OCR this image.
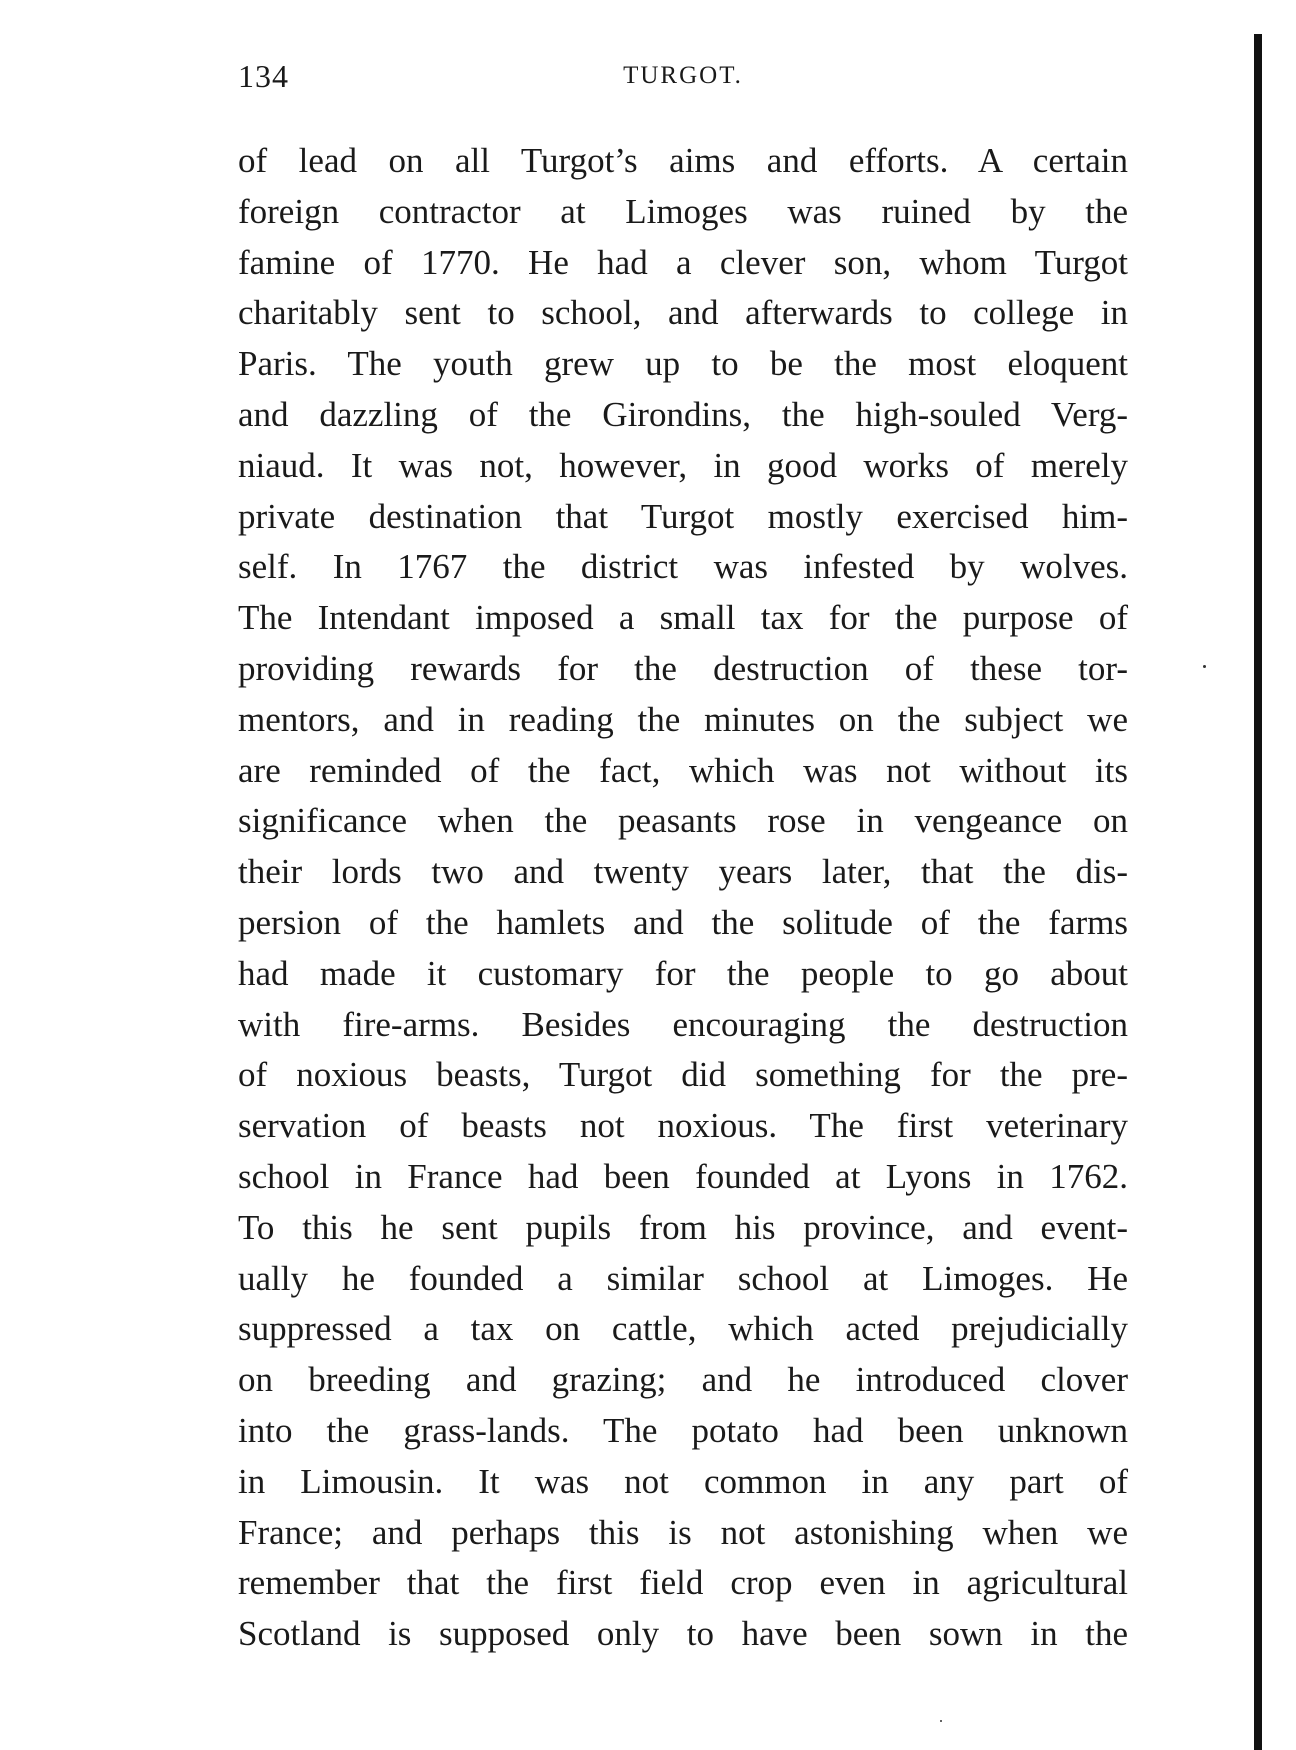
134	TURGOT.
of lead on all Turgot’s aims and efforts. A certain
foreign contractor at Limoges was ruined by the
famine of 1770. He had a clever son, whom Turgot
charitably sent to school, and afterwards to college in
Paris. The youth grew up to be the most eloquent
and dazzling of the Girondins, the high-souled Verg-
niaud. It was not, however, in good works of merely
private destination that Turgot mostly exercised him-
self. In 1767 the district was infested by wolves.
The Intendant imposed a small tax for the purpose of
providing rewards for the destruction of these tor-
mentors, and in reading the minutes on the subject we
are reminded of the fact, which was not without its
significance when the peasants rose in vengeance on
their lords two and twenty years later, that the dis-
persion of the hamlets and the solitude of the farms
had made it customary for the people to go about
with fire-arms. Besides encouraging the destruction
of noxious beasts, Turgot did something for the pre-
servation of beasts not noxious. The first veterinary
school in France had been founded at Lyons in 1762.
To this he sent pupils from his province, and event-
ually he founded a similar school at Limoges. He
suppressed a tax on cattle, which acted prejudicially
on breeding and grazing; and he introduced clover
into the grass-lands. The potato had been unknown
in Limousin. It was not common in any part of
France; and perhaps this is not astonishing when we
remember that the first field crop even in agricultural
Scotland is supposed only to have been sown in the
